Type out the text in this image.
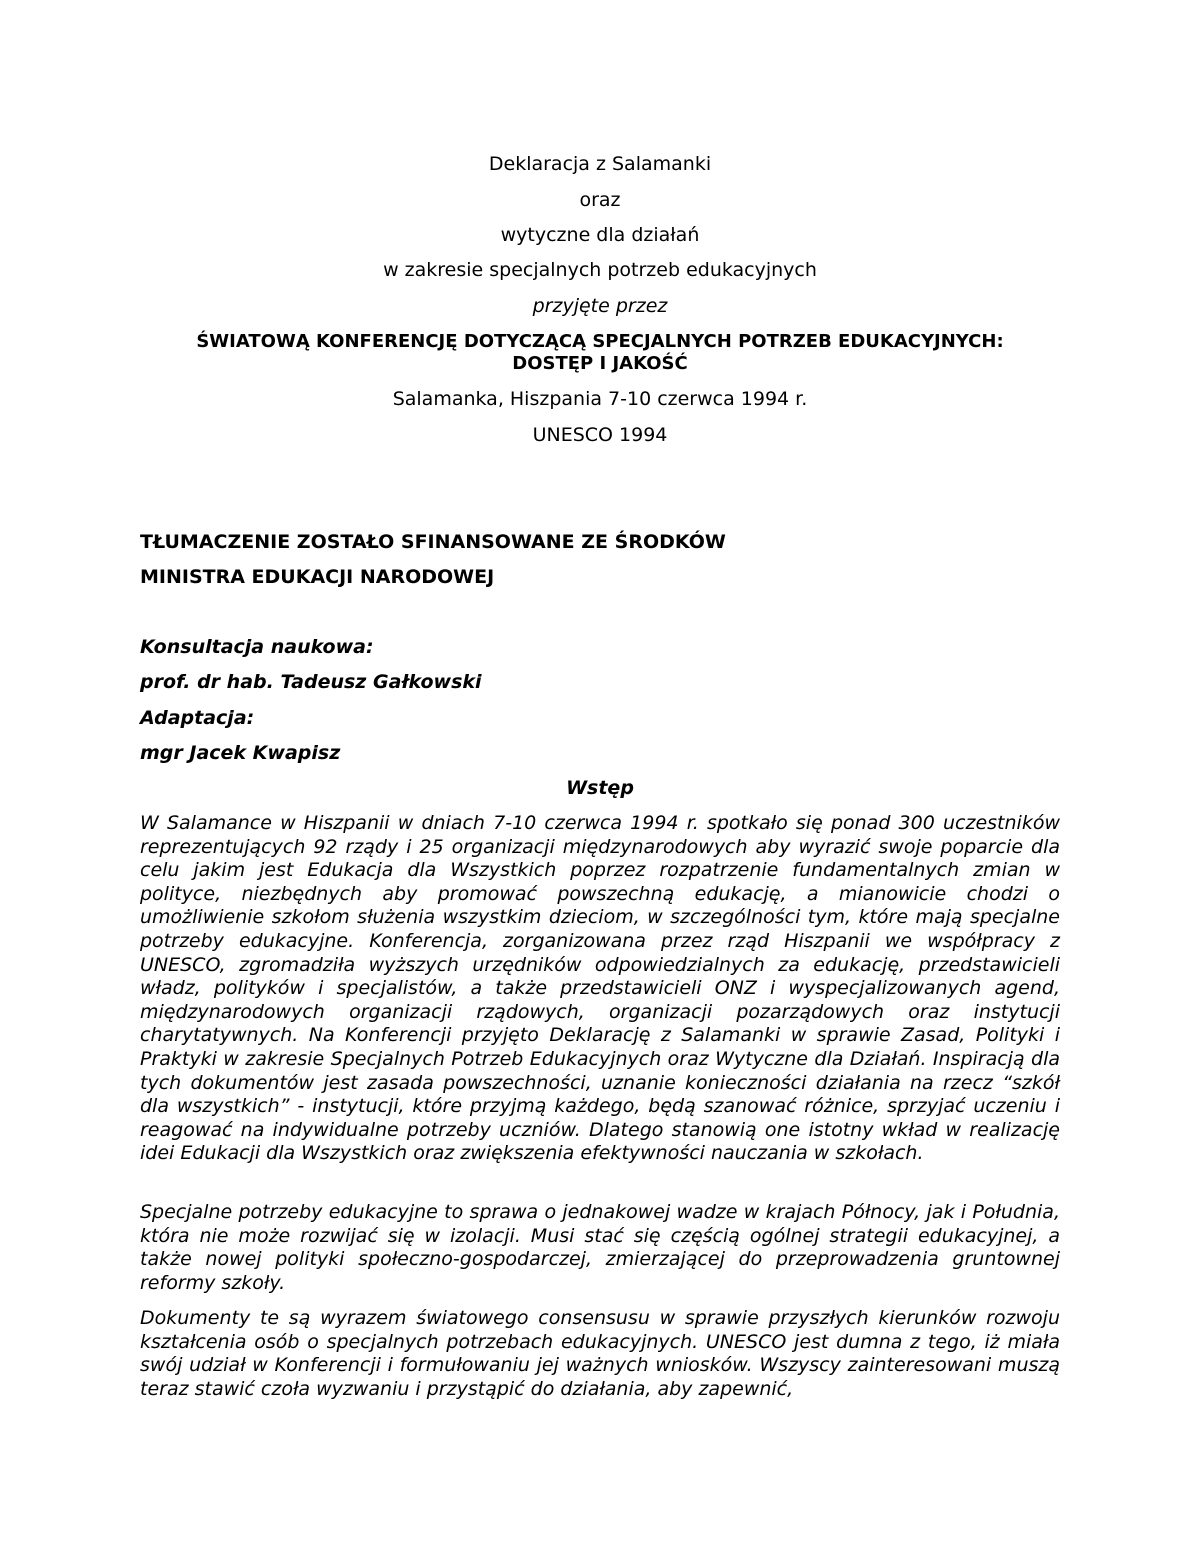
Deklaracja z Salamanki
oraz
wytyczne dla działań
w zakresie specjalnych potrzeb edukacyjnych
przyjęte przez
ŚWIATOWĄ KONFERENCJĘ DOTYCZĄCĄ SPECJALNYCH POTRZEB EDUKACYJNYCH:
DOSTĘP I JAKOŚĆ
Salamanka, Hiszpania 7-10 czerwca 1994 r.
UNESCO 1994
TŁUMACZENIE ZOSTAŁO SFINANSOWANE ZE ŚRODKÓW
MINISTRA EDUKACJI NARODOWEJ
Konsultacja naukowa:
prof. dr hab. Tadeusz Gałkowski
Adaptacja:
mgr Jacek Kwapisz
Wstęp
W Salamance w Hiszpanii w dniach 7-10 czerwca 1994 r. spotkało się ponad 300 uczestników reprezentujących 92 rządy i 25 organizacji międzynarodowych aby wyrazić swoje poparcie dla celu jakim jest Edukacja dla Wszystkich poprzez rozpatrzenie fundamentalnych zmian w polityce, niezbędnych aby promować powszechną edukację, a mianowicie chodzi o umożliwienie szkołom służenia wszystkim dzieciom, w szczególności tym, które mają specjalne potrzeby edukacyjne. Konferencja, zorganizowana przez rząd Hiszpanii we współpracy z UNESCO, zgromadziła wyższych urzędników odpowiedzialnych za edukację, przedstawicieli władz, polityków i specjalistów, a także przedstawicieli ONZ i wyspecjalizowanych agend, międzynarodowych organizacji rządowych, organizacji pozarządowych oraz instytucji charytatywnych. Na Konferencji przyjęto Deklarację z Salamanki w sprawie Zasad, Polityki i Praktyki w zakresie Specjalnych Potrzeb Edukacyjnych oraz Wytyczne dla Działań. Inspiracją dla tych dokumentów jest zasada powszechności, uznanie konieczności działania na rzecz “szkół dla wszystkich” - instytucji, które przyjmą każdego, będą szanować różnice, sprzyjać uczeniu i reagować na indywidualne potrzeby uczniów. Dlatego stanowią one istotny wkład w realizację idei Edukacji dla Wszystkich oraz zwiększenia efektywności nauczania w szkołach.
Specjalne potrzeby edukacyjne to sprawa o jednakowej wadze w krajach Północy, jak i Południa, która nie może rozwijać się w izolacji. Musi stać się częścią ogólnej strategii edukacyjnej, a także nowej polityki społeczno-gospodarczej, zmierzającej do przeprowadzenia gruntownej reformy szkoły.
Dokumenty te są wyrazem światowego consensusu w sprawie przyszłych kierunków rozwoju kształcenia osób o specjalnych potrzebach edukacyjnych. UNESCO jest dumna z tego, iż miała swój udział w Konferencji i formułowaniu jej ważnych wniosków. Wszyscy zainteresowani muszą teraz stawić czoła wyzwaniu i przystąpić do działania, aby zapewnić,
